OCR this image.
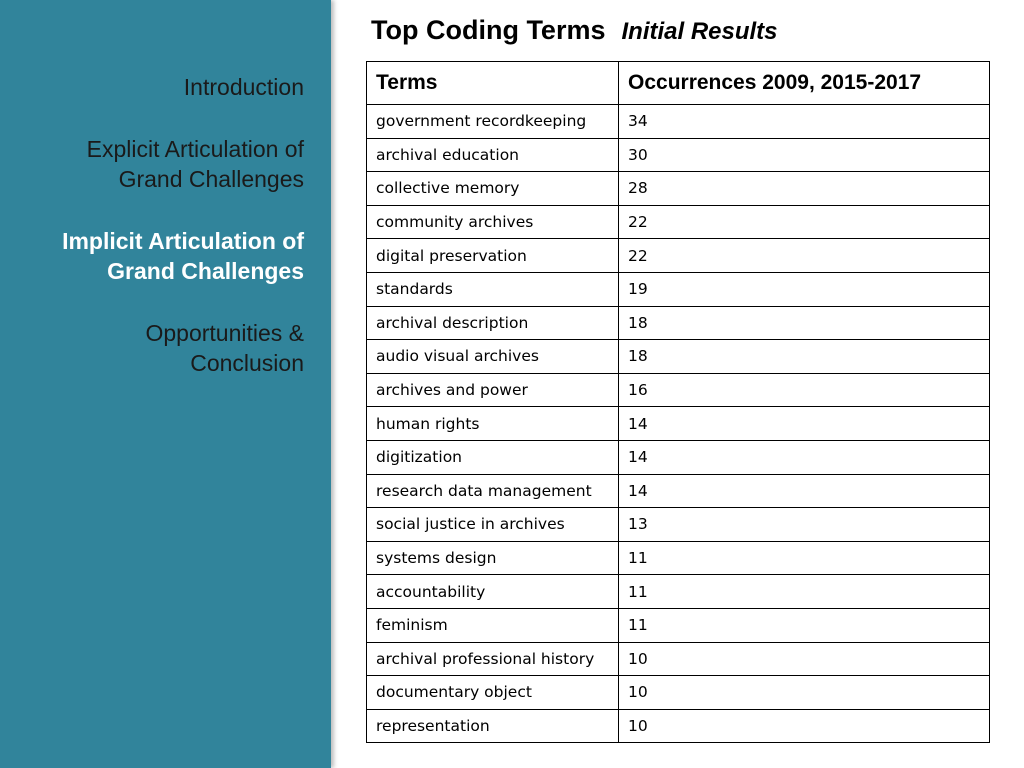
Introduction
Explicit Articulation of
Grand Challenges
Implicit Articulation of
Grand Challenges
Opportunities &
Conclusion
Top Coding Terms Initial Results
Terms	Occurrences 2009, 2015-2017
government recordkeeping	34
archival education	30
collective memory	28
community archives	22
digital preservation	22
standards	19
archival description	18
audio visual archives	18
archives and power	16
human rights	14
digitization	14
research data management	14
social justice in archives	13
systems design	11
accountability	11
feminism	11
archival professional history	10
documentary object	10
representation	10
